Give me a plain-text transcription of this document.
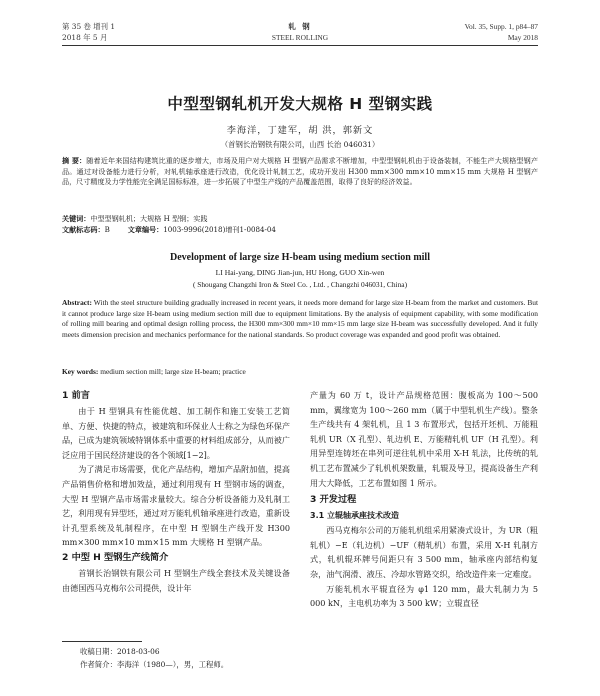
第 35 卷 增刊 1
2018 年 5 月
轧 钢
STEEL ROLLING
Vol. 35, Supp. 1, p84–87
May 2018
中型型钢轧机开发大规格 H 型钢实践
李海洋，丁建军，胡 洪，郭新文
（首钢长治钢铁有限公司，山西 长治 046031）
摘 要：随着近年来国结构建筑比重的逐步增大，市场及用户对大规格 H 型钢产品需求不断增加，中型型钢轧机由于设备装制，不能生产大规格型钢产品。通过对设备能力进行分析，对轧机轴承座进行改造，优化设计轧制工艺，成功开发出 H300 mm×300 mm×10 mm×15 mm 大规格 H 型钢产品，尺寸精度及力学性能完全满足国标标准，进一步拓展了中型生产线的产品覆盖范围，取得了良好的经济效益。
关键词：中型型钢轧机；大规格 H 型钢；实践
文献标志码：B	文章编号：1003-9996(2018)增刊1-0084-04
Development of large size H-beam using medium section mill
LI Hai-yang, DING Jian-jun, HU Hong, GUO Xin-wen
( Shougang Changzhi Iron & Steel Co. , Ltd. , Changzhi 046031, China)
Abstract: With the steel structure building gradually increased in recent years, it needs more demand for large size H-beam from the market and customers. But it cannot produce large size H-beam using medium section mill due to equipment limitations. By the analysis of equipment capability, with some modification of rolling mill bearing and optimal design rolling process, the H300 mm×300 mm×10 mm×15 mm large size H-beam was successfully developed. And it fully meets dimension precision and mechanics performance for the national standards. So product coverage was expanded and good profit was obtained.
Key words: medium section mill; large size H-beam; practice
1 前言

由于 H 型钢具有性能优越、加工制作和施工安装工艺简单、方便、快捷的特点，被建筑和环保业人士称之为绿色环保产品，已成为建筑领域特钢体系中重要的材料组成部分，从而被广泛应用于国民经济建设的各个领域[1−2]。

为了满足市场需要，优化产品结构，增加产品附加值，提高产品销售价格和增加效益，通过利用现有 H 型钢市场的调查，大型 H 型钢产品市场需求量较大。综合分析设备能力及轧制工艺，利用现有异型坯，通过对万能轧机轴承座进行改造，重新设计孔型系统及轧制程序，在中型 H 型钢生产线开发 H300 mm×300 mm×10 mm×15 mm 大规格 H 型钢产品。

2 中型 H 型钢生产线简介

首钢长治钢铁有限公司 H 型钢生产线全套技术及关键设备由德国西马克梅尔公司提供，设计年

产量为 60 万 t，设计产品规格范围：腹板高为 100～500 mm，翼缘宽为 100～260 mm（属于中型轧机生产线）。整条生产线共有 4 架轧机，且 1 3 布置形式，包括开坯机、万能粗轧机 UR（X 孔型）、轧边机 E、万能精轧机 UF（H 孔型）。利用异型连铸坯在串列可逆往轧机中采用 X-H 轧法，比传统的轧机工艺布置减少了轧机机架数量，轧辊及导卫，提高设备生产利用大大降低，工艺布置如图 1 所示。

3 开发过程
3.1 立辊轴承座技术改造

西马克梅尔公司的万能轧机组采用紧凑式设计，为 UR（粗轧机）−E（轧边机）−UF（精轧机）布置，采用 X-H 轧制方式，轧机辊环牌号间距只有 3 500 mm，轴承座内部结构复杂，油气润滑、液压、冷却水管路交织，给改造件来一定难度。

万能轧机水平辊直径为 φ1 120 mm，最大轧制力为 5 000 kN，主电机功率为 3 500 kW；立辊直径

收稿日期：2018-03-06
作者简介：李海洋（1980—），男，工程师。
